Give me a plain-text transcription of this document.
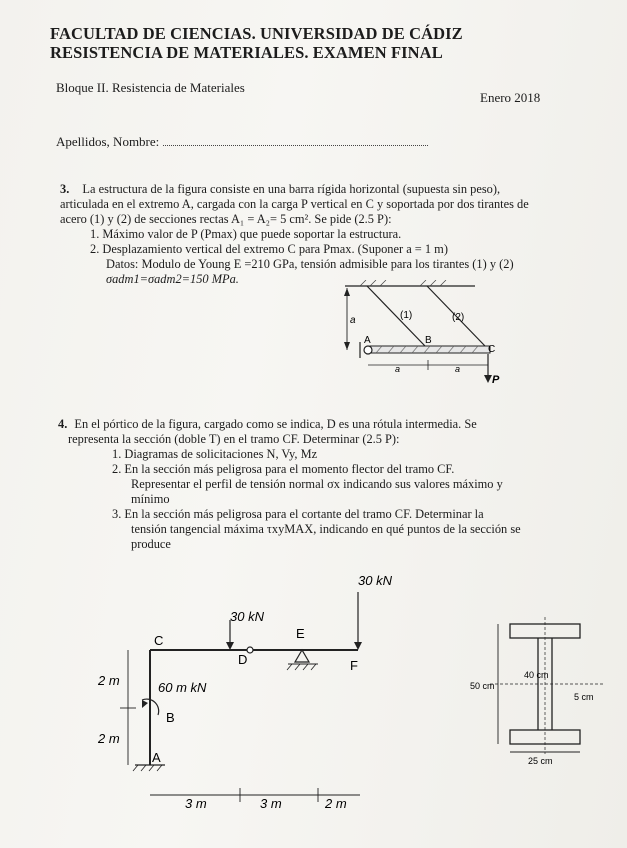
FACULTAD DE CIENCIAS. UNIVERSIDAD DE CÁDIZ
RESISTENCIA DE MATERIALES. EXAMEN FINAL
Bloque II. Resistencia de Materiales
Enero 2018
Apellidos, Nombre:
3. La estructura de la figura consiste en una barra rígida horizontal (supuesta sin peso),
articulada en el extremo A, cargada con la carga P vertical en C y soportada por dos tirantes de
acero (1) y (2) de secciones rectas A₁ = A₂= 5 cm². Se pide (2.5 P):
1. Máximo valor de P (Pmax) que puede soportar la estructura.
2. Desplazamiento vertical del extremo C para Pmax. (Suponer a = 1 m)
Datos: Modulo de Young E =210 GPa, tensión admisible para los tirantes (1) y (2)
σadm1=σadm2=150 MPa.
(1)	(2)
a
A	B
C
a	a
P
4. En el pórtico de la figura, cargado como se indica, D es una rótula intermedia. Se
representa la sección (doble T) en el tramo CF. Determinar (2.5 P):
1. Diagramas de solicitaciones N, Vy, Mz
2. En la sección más peligrosa para el momento flector del tramo CF.
Representar el perfil de tensión normal σx indicando sus valores máximo y
mínimo
3. En la sección más peligrosa para el cortante del tramo CF. Determinar la
tensión tangencial máxima τxyMAX, indicando en qué puntos de la sección se
produce
30 kN
30 kN
60 m kN
C
D
E
F
B
A
2 m
2 m
3 m	3 m	2 m
50 cm
40 cm
5 cm
25 cm
